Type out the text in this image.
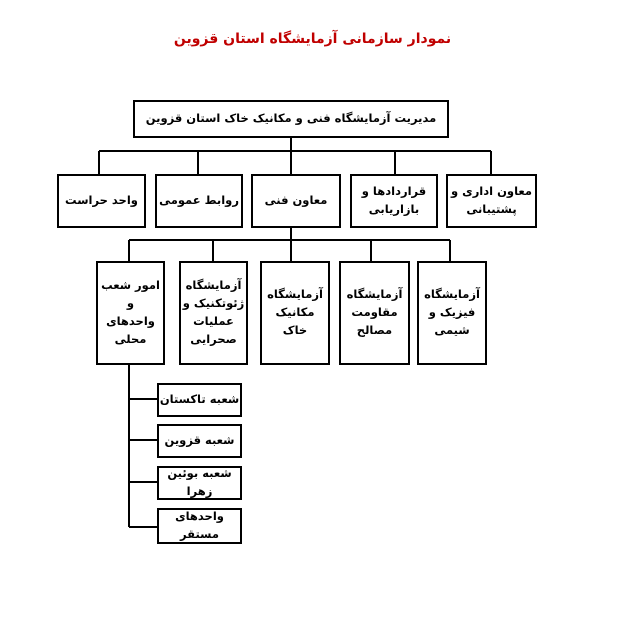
نمودار سازمانی آزمایشگاه استان قزوین
مدیریت آزمایشگاه فنی و مکانیک خاک استان قزوین
معاون اداری و
پشتیبانی
قراردادها و
بازاریابی
معاون فنی
روابط عمومی
واحد حراست
آزمایشگاه
فیزیک و شیمی
آزمایشگاه
مقاومت مصالح
آزمایشگاه
مکانیک خاک
آزمایشگاه
ژئوتکنیک و
عملیات
صحرایی
امور شعب
و
واحدهای
محلی
شعبه تاکستان
شعبه قزوین
شعبه بوئین زهرا
واحدهای مستقر
